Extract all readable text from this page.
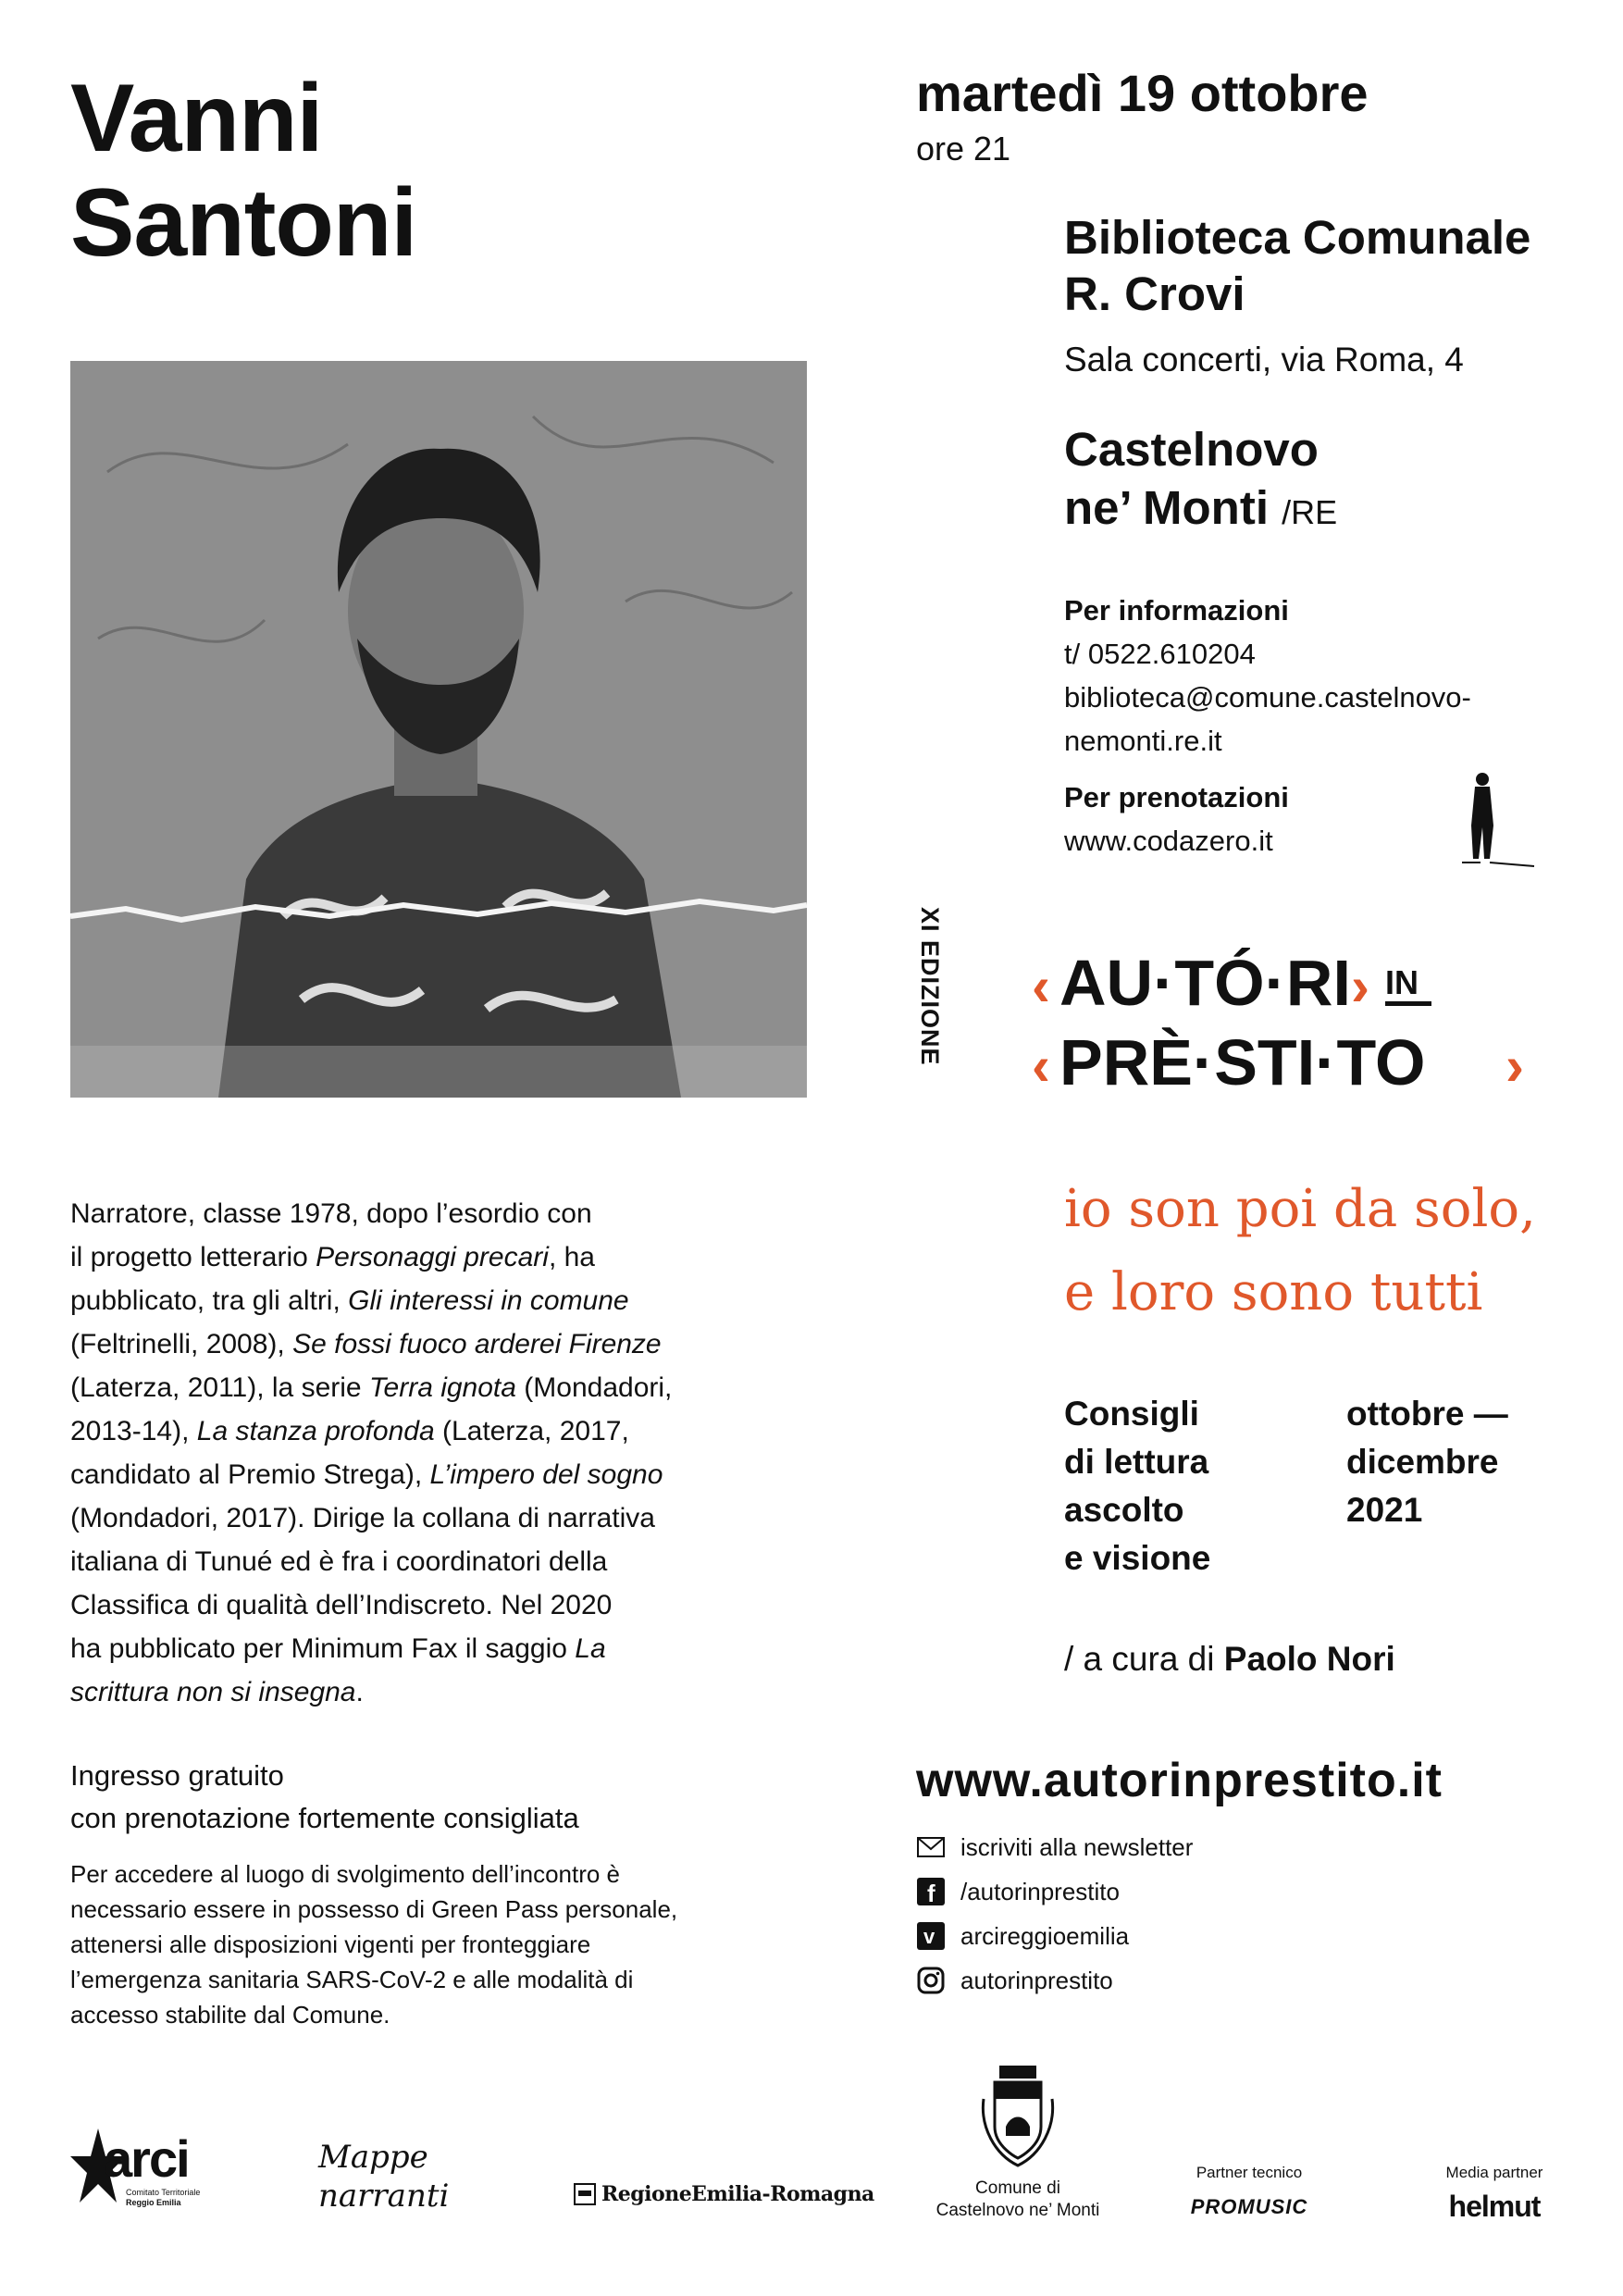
Vanni
Santoni
XI EDIZIONE
martedì 19 ottobre
ore 21
Biblioteca Comunale
R. Crovi
Sala concerti, via Roma, 4
Castelnovo
ne’ Monti /RE
Per informazioni
t/ 0522.610204
biblioteca@comune.castelnovo-
nemonti.re.it
Per prenotazioni
www.codazero.it
‹ AU·TÓ·RI › IN
‹ PRÈ·STI·TO ›
io son poi da solo,
e loro sono tutti
Consigli
di lettura
ascolto
e visione
ottobre —
dicembre
2021
/ a cura di Paolo Nori
www.autorinprestito.it
iscriviti alla newsletter
f /autorinprestito
v arcireggioemilia
autorinprestito
Narratore, classe 1978, dopo l’esordio con
il progetto letterario Personaggi precari, ha
pubblicato, tra gli altri, Gli interessi in comune
(Feltrinelli, 2008), Se fossi fuoco arderei Firenze
(Laterza, 2011), la serie Terra ignota (Mondadori,
2013-14), La stanza profonda (Laterza, 2017,
candidato al Premio Strega), L’impero del sogno
(Mondadori, 2017). Dirige la collana di narrativa
italiana di Tunué ed è fra i coordinatori della
Classifica di qualità dell’Indiscreto. Nel 2020
ha pubblicato per Minimum Fax il saggio La
scrittura non si insegna.
Ingresso gratuito
con prenotazione fortemente consigliata
Per accedere al luogo di svolgimento dell’incontro è
necessario essere in possesso di Green Pass personale,
attenersi alle disposizioni vigenti per fronteggiare
l’emergenza sanitaria SARS-CoV-2 e alle modalità di
accesso stabilite dal Comune.
arci
Comitato Territoriale
Reggio Emilia
Mappe
narranti	RegioneEmilia-Romagna	Comune di
Castelnovo ne’ Monti
Partner tecnico
PROMUSIC
Media partner
helmut
